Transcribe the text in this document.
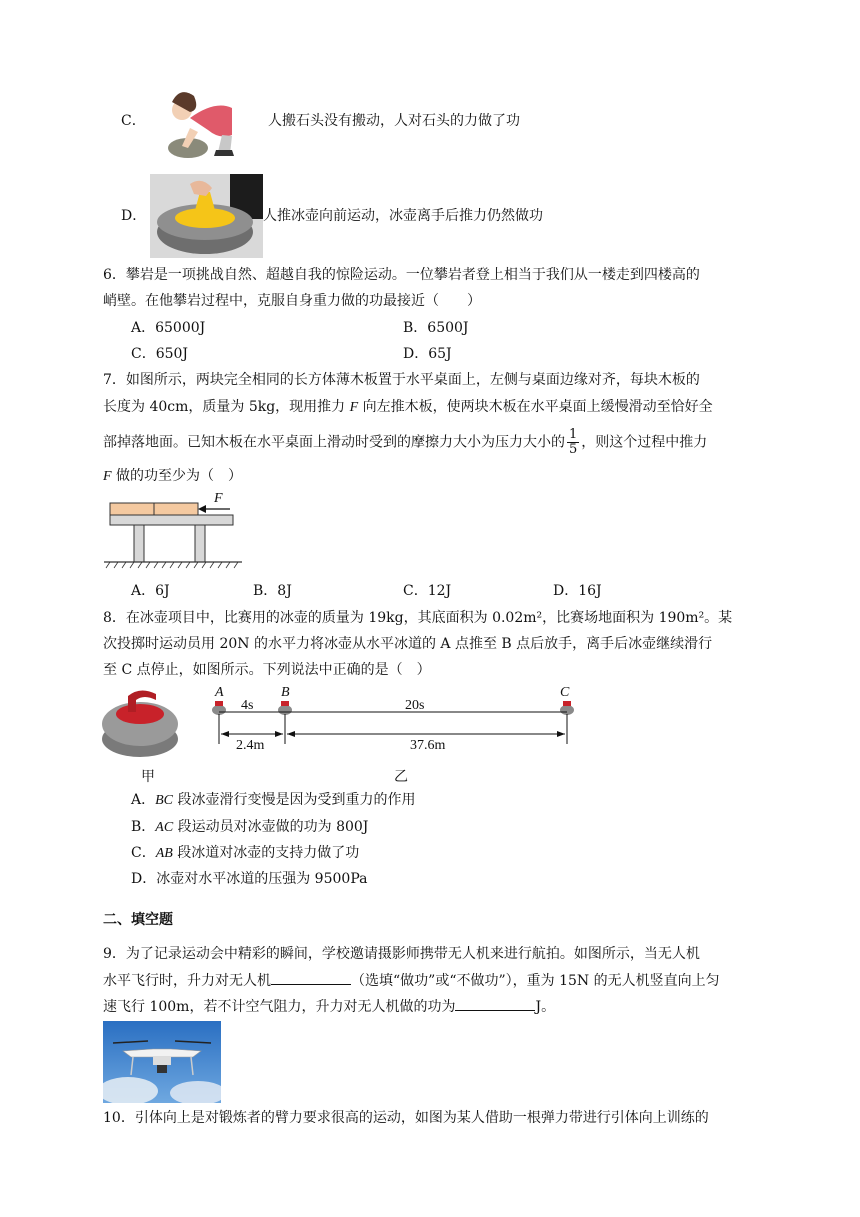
C．	人搬石头没有搬动，人对石头的力做了功
D．	人推冰壶向前运动，冰壶离手后推力仍然做功
6．攀岩是一项挑战自然、超越自我的惊险运动。一位攀岩者登上相当于我们从一楼走到四楼高的
峭壁。在他攀岩过程中，克服自身重力做的功最接近（　　）
A．65000J	B．6500J
C．650J	D．65J
7．如图所示，两块完全相同的长方体薄木板置于水平桌面上，左侧与桌面边缘对齐，每块木板的
长度为 40cm，质量为 5kg，现用推力 F 向左推木板，使两块木板在水平桌面上缓慢滑动至恰好全
部掉落地面。已知木板在水平桌面上滑动时受到的摩擦力大小为压力大小的 $\frac{1}{5}$ ，则这个过程中推力
F 做的功至少为（　）
F
A．6J	B．8J	C．12J	D．16J
8．在冰壶项目中，比赛用的冰壶的质量为 19kg，其底面积为 0.02m²，比赛场地面积为 190m²。某
次投掷时运动员用 20N 的水平力将冰壶从水平冰道的 A 点推至 B 点后放手，离手后冰壶继续滑行
至 C 点停止，如图所示。下列说法中正确的是（　）
甲
A	B	C
4s	20s
2.4m	37.6m
乙
A．BC 段冰壶滑行变慢是因为受到重力的作用
B．AC 段运动员对冰壶做的功为 800J
C．AB 段冰道对冰壶的支持力做了功
D．冰壶对水平冰道的压强为 9500Pa
二、填空题
9．为了记录运动会中精彩的瞬间，学校邀请摄影师携带无人机来进行航拍。如图所示，当无人机
水平飞行时，升力对无人机	（选填“做功”或“不做功”），重为 15N 的无人机竖直向上匀
速飞行 100m，若不计空气阻力，升力对无人机做的功为	J。
10．引体向上是对锻炼者的臂力要求很高的运动，如图为某人借助一根弹力带进行引体向上训练的
